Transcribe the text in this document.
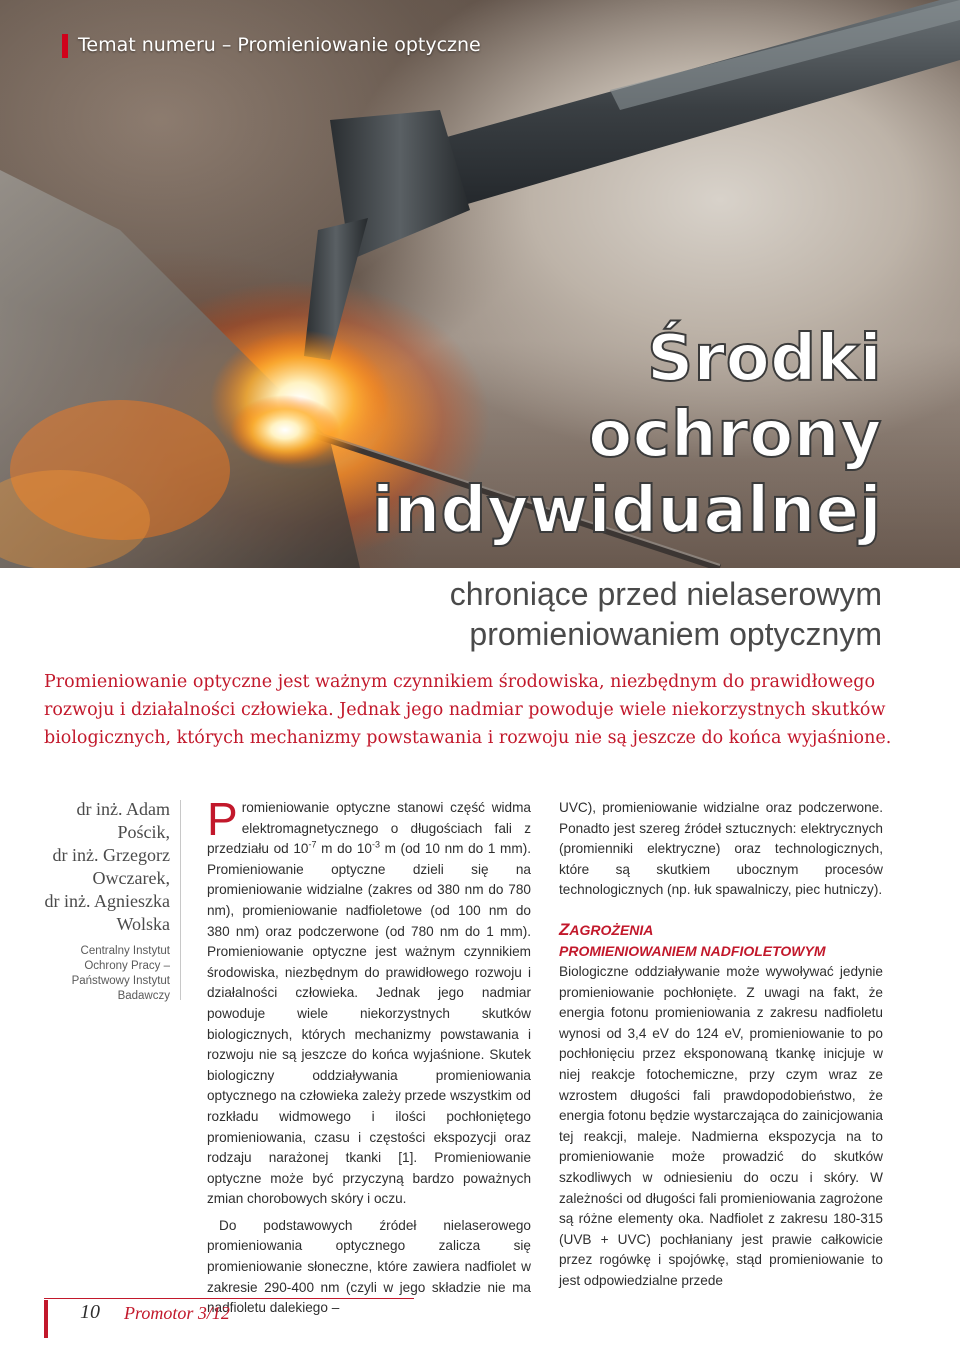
Temat numeru – Promieniowanie optyczne
Środki
ochrony
indywidualnej
chroniące przed nielaserowym
promieniowaniem optycznym
Promieniowanie optyczne jest ważnym czynnikiem środowiska, niezbędnym do prawidłowego rozwoju i działalności człowieka. Jednak jego nadmiar powoduje wiele niekorzystnych skutków biologicznych, których mechanizmy powstawania i rozwoju nie są jeszcze do końca wyjaśnione.
dr inż. Adam
Pościk,
dr inż. Grzegorz
Owczarek,
dr inż. Agnieszka
Wolska
Centralny Instytut
Ochrony Pracy –
Państwowy Instytut
Badawczy

Promieniowanie optyczne stanowi część widma elektromagnetycznego o długościach fali z przedziału od $10^{-7}$ m do $10^{-3}$ m (od 10 nm do 1 mm). Promieniowanie optyczne dzieli się na promieniowanie widzialne (zakres od 380 nm do 780 nm), promieniowanie nadfioletowe (od 100 nm do 380 nm) oraz podczerwone (od 780 nm do 1 mm). Promieniowanie optyczne jest ważnym czynnikiem środowiska, niezbędnym do prawidłowego rozwoju i działalności człowieka. Jednak jego nadmiar powoduje wiele niekorzystnych skutków biologicznych, których mechanizmy powstawania i rozwoju nie są jeszcze do końca wyjaśnione. Skutek biologiczny oddziaływania promieniowania optycznego na człowieka zależy przede wszystkim od rozkładu widmowego i ilości pochłoniętego promieniowania, czasu i częstości ekspozycji oraz rodzaju narażonej tkanki [1]. Promieniowanie optyczne może być przyczyną bardzo poważnych zmian chorobowych skóry i oczu.

Do podstawowych źródeł nielaserowego promieniowania optycznego zalicza się promieniowanie słoneczne, które zawiera nadfiolet w zakresie 290-400 nm (czyli w jego składzie nie ma nadfioletu dalekiego –

UVC), promieniowanie widzialne oraz podczerwone. Ponadto jest szereg źródeł sztucznych: elektrycznych (promienniki elektryczne) oraz technologicznych, które są skutkiem ubocznym procesów technologicznych (np. łuk spawalniczy, piec hutniczy).

ZAGROŻENIA
PROMIENIOWANIEM NADFIOLETOWYM

Biologiczne oddziaływanie może wywoływać jedynie promieniowanie pochłonięte. Z uwagi na fakt, że energia fotonu promieniowania z zakresu nadfioletu wynosi od 3,4 eV do 124 eV, promieniowanie to po pochłonięciu przez eksponowaną tkankę inicjuje w niej reakcje fotochemiczne, przy czym wraz ze wzrostem długości fali prawdopodobieństwo, że energia fotonu będzie wystarczająca do zainicjowania tej reakcji, maleje. Nadmierna ekspozycja na to promieniowanie może prowadzić do skutków szkodliwych w odniesieniu do oczu i skóry. W zależności od długości fali promieniowania zagrożone są różne elementy oka. Nadfiolet z zakresu 180-315 (UVB + UVC) pochłaniany jest prawie całkowicie przez rogówkę i spojówkę, stąd promieniowanie to jest odpowiedzialne przede

10 Promotor 3/12
